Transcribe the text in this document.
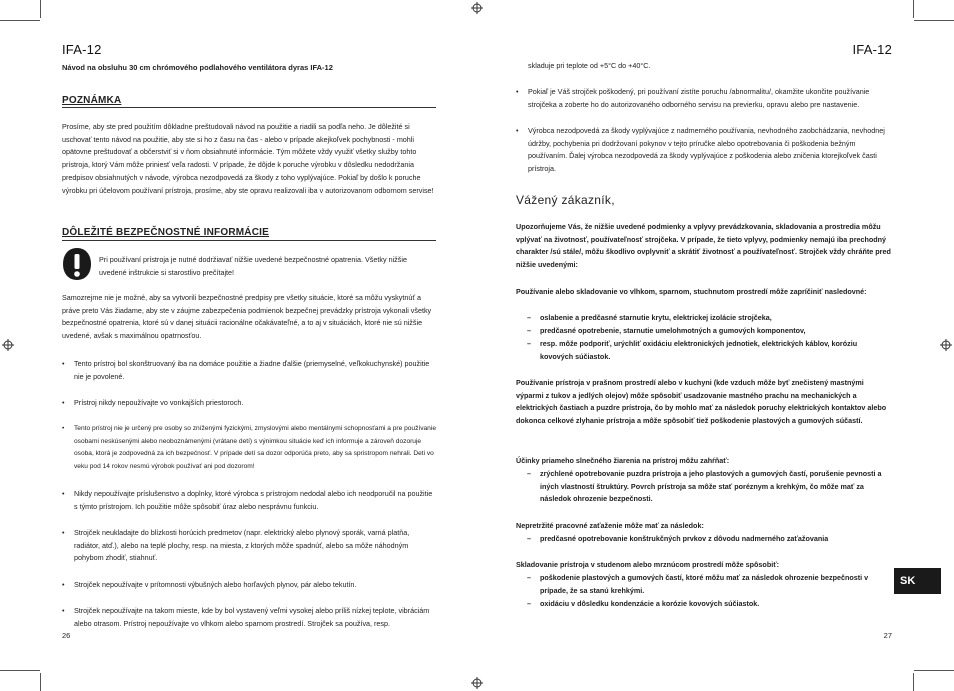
IFA-12
Návod na obsluhu 30 cm chrómového podlahového ventilátora dyras IFA-12
POZNÁMKA
Prosíme, aby ste pred použitím dôkladne preštudovali návod na použitie a riadili sa podľa neho. Je dôležité si uschovať tento návod na použitie, aby ste si ho z času na čas - alebo v prípade akejkoľvek pochybnosti - mohli opätovne preštudovať a občerstviť si v ňom obsiahnuté informácie. Tým môžete vždy využiť všetky služby tohto prístroja, ktorý Vám môže priniesť veľa radosti. V prípade, že dôjde k poruche výrobku v dôsledku nedodržania predpisov obsiahnutých v návode, výrobca nezodpovedá za škody z toho vyplývajúce. Pokiaľ by došlo k poruche výrobku pri účelovom používaní prístroja, prosíme, aby ste opravu realizovali iba v autorizovanom odbornom servise!
DÔLEŽITÉ BEZPEČNOSTNÉ INFORMÁCIE
Pri používaní prístroja je nutné dodržiavať nižšie uvedené bezpečnostné opatrenia. Všetky nižšie uvedené inštrukcie si starostlivo prečítajte!
Samozrejme nie je možné, aby sa vytvorili bezpečnostné predpisy pre všetky situácie, ktoré sa môžu vyskytnúť a práve preto Vás žiadame, aby ste v záujme zabezpečenia podmienok bezpečnej prevádzky prístroja vykonali všetky bezpečnostné opatrenia, ktoré sú v danej situácii racionálne očakávateľné, a to aj v situáciách, ktoré nie sú nižšie uvedené, avšak s maximálnou opatrnosťou.
• Tento prístroj bol skonštruovaný iba na domáce použitie a žiadne ďalšie (priemyselné, veľkokuchynské) použitie nie je povolené.
• Prístroj nikdy nepoužívajte vo vonkajších priestoroch.
• Tento prístroj nie je určený pre osoby so zníženými fyzickými, zmyslovými alebo mentálnymi schopnosťami a pre používanie osobami neskúsenými alebo neoboznámenými (vrátane detí) s výnimkou situácie keď ich informuje a zároveň dozoruje osoba, ktorá je zodpovedná za ich bezpečnosť. V prípade detí sa dozor odporúča preto, aby sa spristropom nehrali. Deti vo veku pod 14 rokov nesmú výrobok používať ani pod dozorom!
• Nikdy nepoužívajte príslušenstvo a doplnky, ktoré výrobca s prístrojom nedodal alebo ich neodporučil na použitie s týmto prístrojom. Ich použitie môže spôsobiť úraz alebo nesprávnu funkciu.
• Strojček neukladajte do blízkosti horúcich predmetov (napr. elektrický alebo plynový sporák, varná platňa, radiátor, atď.), alebo na teplé plochy, resp. na miesta, z ktorých môže spadnúť, alebo sa môže náhodným pohybom zhodiť, stiahnuť.
• Strojček nepoužívajte v prítomnosti výbušných alebo horľavých plynov, pár alebo tekutín.
• Strojček nepoužívajte na takom mieste, kde by bol vystavený veľmi vysokej alebo príliš nízkej teplote, vibráciám alebo otrasom. Prístroj nepoužívajte vo vlhkom alebo sparnom prostredí. Strojček sa používa, resp.
26
IFA-12
skladuje pri teplote od +5°C do +40°C.
• Pokiaľ je Váš strojček poškodený, pri používaní zistíte poruchu /abnormalitu/, okamžite ukončite používanie strojčeka a zoberte ho do autorizovaného odborného servisu na previerku, opravu alebo pre nastavenie.
• Výrobca nezodpovedá za škody vyplývajúce z nadmerného používania, nevhodného zaobchádzania, nevhodnej údržby, pochybenia pri dodržovaní pokynov v tejto príručke alebo opotrebovania či poškodenia bežným používaním. Ďalej výrobca nezodpovedá za škody vyplývajúce z poškodenia alebo zničenia ktorejkoľvek časti prístroja.
Vážený zákazník,
Upozorňujeme Vás, že nižšie uvedené podmienky a vplyvy prevádzkovania, skladovania a prostredia môžu vplývať na životnosť, používateľnosť strojčeka. V prípade, že tieto vplyvy, podmienky nemajú iba prechodný charakter /sú stále/, môžu škodlivo ovplyvniť a skrátiť životnosť a používateľnosť. Strojček vždy chráňte pred nižšie uvedenými:
Používanie alebo skladovanie vo vlhkom, sparnom, stuchnutom prostredí môže zapríčiniť nasledovné:
– oslabenie a predčasné starnutie krytu, elektrickej izolácie strojčeka,
– predčasné opotrebenie, starnutie umelohmotných a gumových komponentov,
– resp. môže podporiť, urýchliť oxidáciu elektronických jednotiek, elektrických káblov, koróziu kovových súčiastok.
Používanie prístroja v prašnom prostredí alebo v kuchyni (kde vzduch môže byť znečistený mastnými výparmi z tukov a jedlých olejov) môže spôsobiť usadzovanie mastného prachu na mechanických a elektrických častiach a puzdre prístroja, čo by mohlo mať za následok poruchy elektrických kontaktov alebo dokonca celkové zlyhanie prístroja a môže spôsobiť tiež poškodenie plastových a gumových súčastí.
Účinky priameho slnečného žiarenia na prístroj môžu zahŕňať:
– zrýchlené opotrebovanie puzdra prístroja a jeho plastových a gumových častí, porušenie pevnosti a iných vlastností štruktúry. Povrch prístroja sa môže stať poréznym a krehkým, čo môže mať za následok ohrozenie bezpečnosti.
Nepretržité pracovné zaťaženie môže mať za následok:
– predčasné opotrebovanie konštrukčných prvkov z dôvodu nadmerného zaťažovania
Skladovanie prístroja v studenom alebo mrznúcom prostredí môže spôsobiť:
– poškodenie plastových a gumových častí, ktoré môžu mať za následok ohrozenie bezpečnosti v prípade, že sa stanú krehkými.
– oxidáciu v dôsledku kondenzácie a korózie kovových súčiastok.
SK
27
